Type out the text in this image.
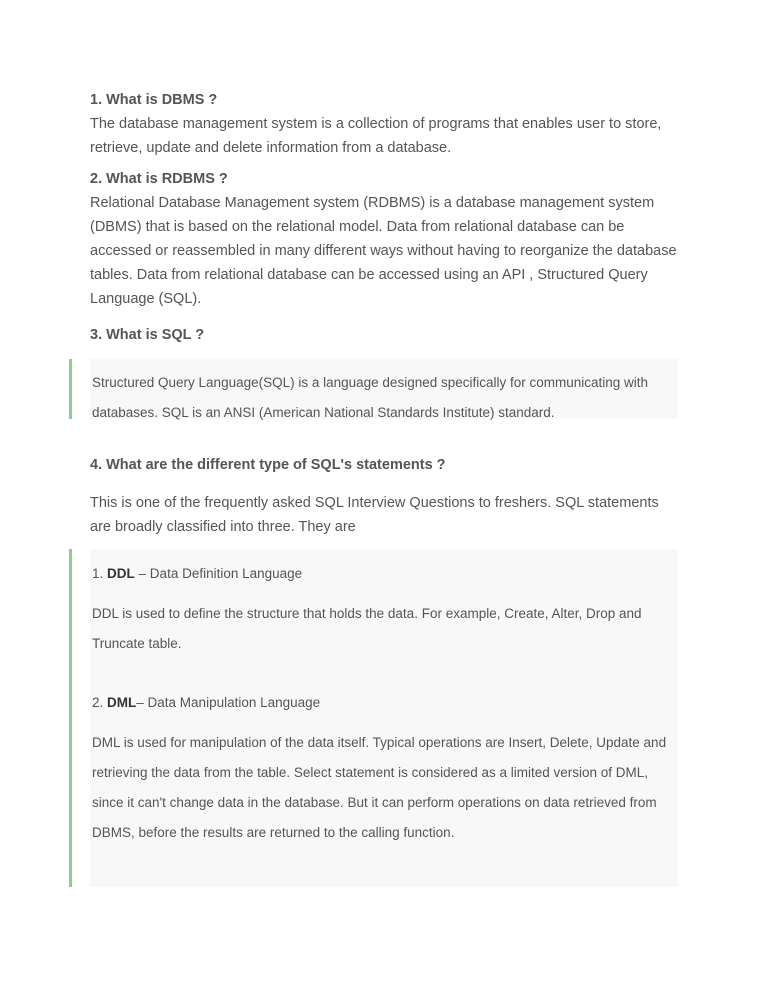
1. What is DBMS ?

The database management system is a collection of programs that enables user to store, retrieve, update and delete information from a database.

2. What is RDBMS ?

Relational Database Management system (RDBMS) is a database management system (DBMS) that is based on the relational model. Data from relational database can be accessed or reassembled in many different ways without having to reorganize the database tables. Data from relational database can be accessed using an API , Structured Query Language (SQL).

3. What is SQL ?

Structured Query Language(SQL) is a language designed specifically for communicating with databases. SQL is an ANSI (American National Standards Institute) standard.

4. What are the different type of SQL's statements ?

This is one of the frequently asked SQL Interview Questions to freshers. SQL statements are broadly classified into three. They are

1. DDL – Data Definition Language

DDL is used to define the structure that holds the data. For example, Create, Alter, Drop and Truncate table.

2. DML– Data Manipulation Language

DML is used for manipulation of the data itself. Typical operations are Insert, Delete, Update and retrieving the data from the table. Select statement is considered as a limited version of DML, since it can't change data in the database. But it can perform operations on data retrieved from DBMS, before the results are returned to the calling function.
